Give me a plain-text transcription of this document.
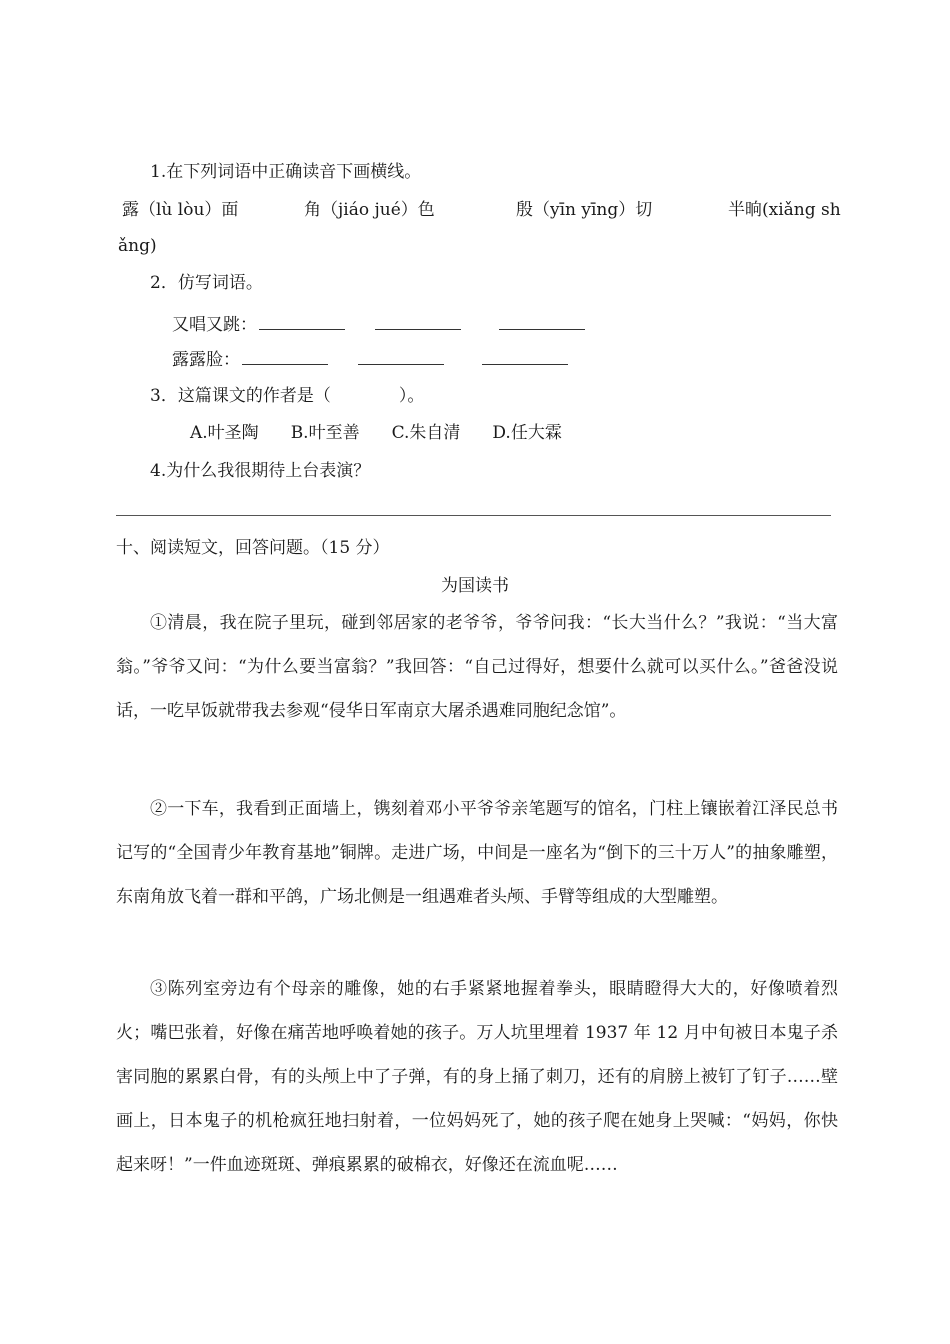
1.在下列词语中正确读音下画横线。
露（lù lòu）面	角（jiáo jué）色	殷（yīn yīng）切	半晌(xiǎng sh
ǎng)
2．仿写词语。
又唱又跳：
露露脸：
3．这篇课文的作者是（　　　　）。
A.叶圣陶 B.叶至善 C.朱自清 D.任大霖
4.为什么我很期待上台表演？
十、阅读短文，回答问题。（15 分）
为国读书

①清晨，我在院子里玩，碰到邻居家的老爷爷，爷爷问我：“长大当什么？”我说：“当大富翁。”爷爷又问：“为什么要当富翁？”我回答：“自己过得好，想要什么就可以买什么。”爸爸没说话，一吃早饭就带我去参观“侵华日军南京大屠杀遇难同胞纪念馆”。

②一下车，我看到正面墙上，镌刻着邓小平爷爷亲笔题写的馆名，门柱上镶嵌着江泽民总书记写的“全国青少年教育基地”铜牌。走进广场，中间是一座名为“倒下的三十万人”的抽象雕塑，东南角放飞着一群和平鸽，广场北侧是一组遇难者头颅、手臂等组成的大型雕塑。

③陈列室旁边有个母亲的雕像，她的右手紧紧地握着拳头，眼睛瞪得大大的，好像喷着烈火；嘴巴张着，好像在痛苦地呼唤着她的孩子。万人坑里埋着 1937 年 12 月中旬被日本鬼子杀害同胞的累累白骨，有的头颅上中了子弹，有的身上捅了刺刀，还有的肩膀上被钉了钉子……壁画上，日本鬼子的机枪疯狂地扫射着，一位妈妈死了，她的孩子爬在她身上哭喊：“妈妈，你快起来呀！”一件血迹斑斑、弹痕累累的破棉衣，好像还在流血呢……
